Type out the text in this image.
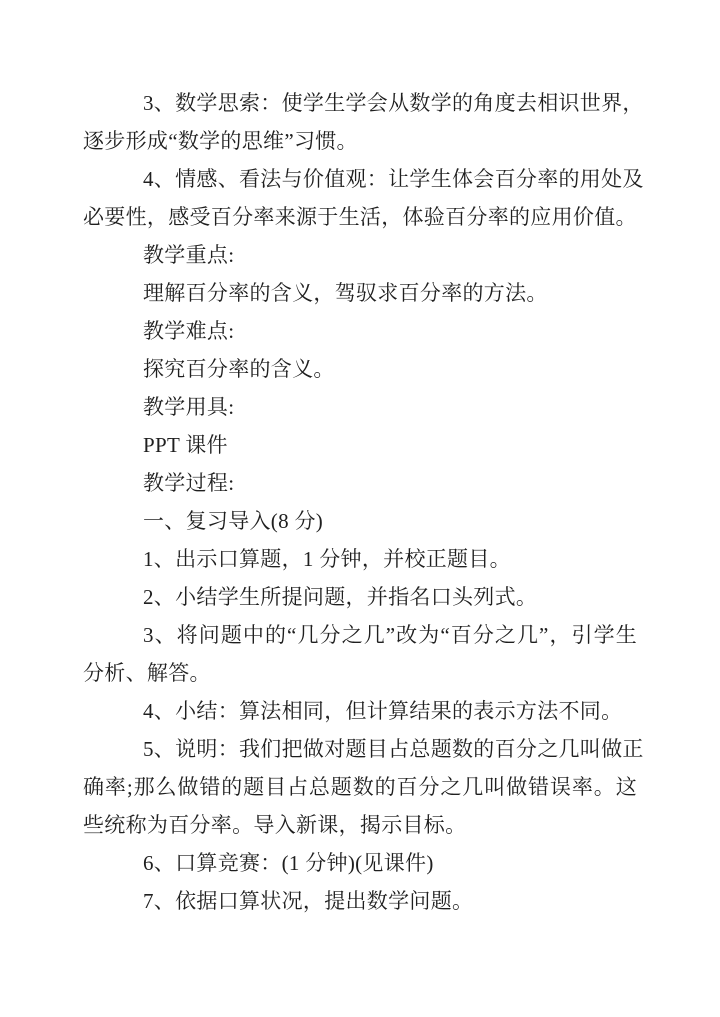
3、数学思索：使学生学会从数学的角度去相识世界，
逐步形成“数学的思维”习惯。
4、情感、看法与价值观：让学生体会百分率的用处及
必要性，感受百分率来源于生活，体验百分率的应用价值。
教学重点:
理解百分率的含义，驾驭求百分率的方法。
教学难点:
探究百分率的含义。
教学用具:
PPT 课件
教学过程:
一、复习导入(8 分)
1、出示口算题，1 分钟，并校正题目。
2、小结学生所提问题，并指名口头列式。
3、将问题中的“几分之几”改为“百分之几”，引学生
分析、解答。
4、小结：算法相同，但计算结果的表示方法不同。
5、说明：我们把做对题目占总题数的百分之几叫做正
确率;那么做错的题目占总题数的百分之几叫做错误率。这
些统称为百分率。导入新课，揭示目标。
6、口算竞赛：(1 分钟)(见课件)
7、依据口算状况，提出数学问题。
